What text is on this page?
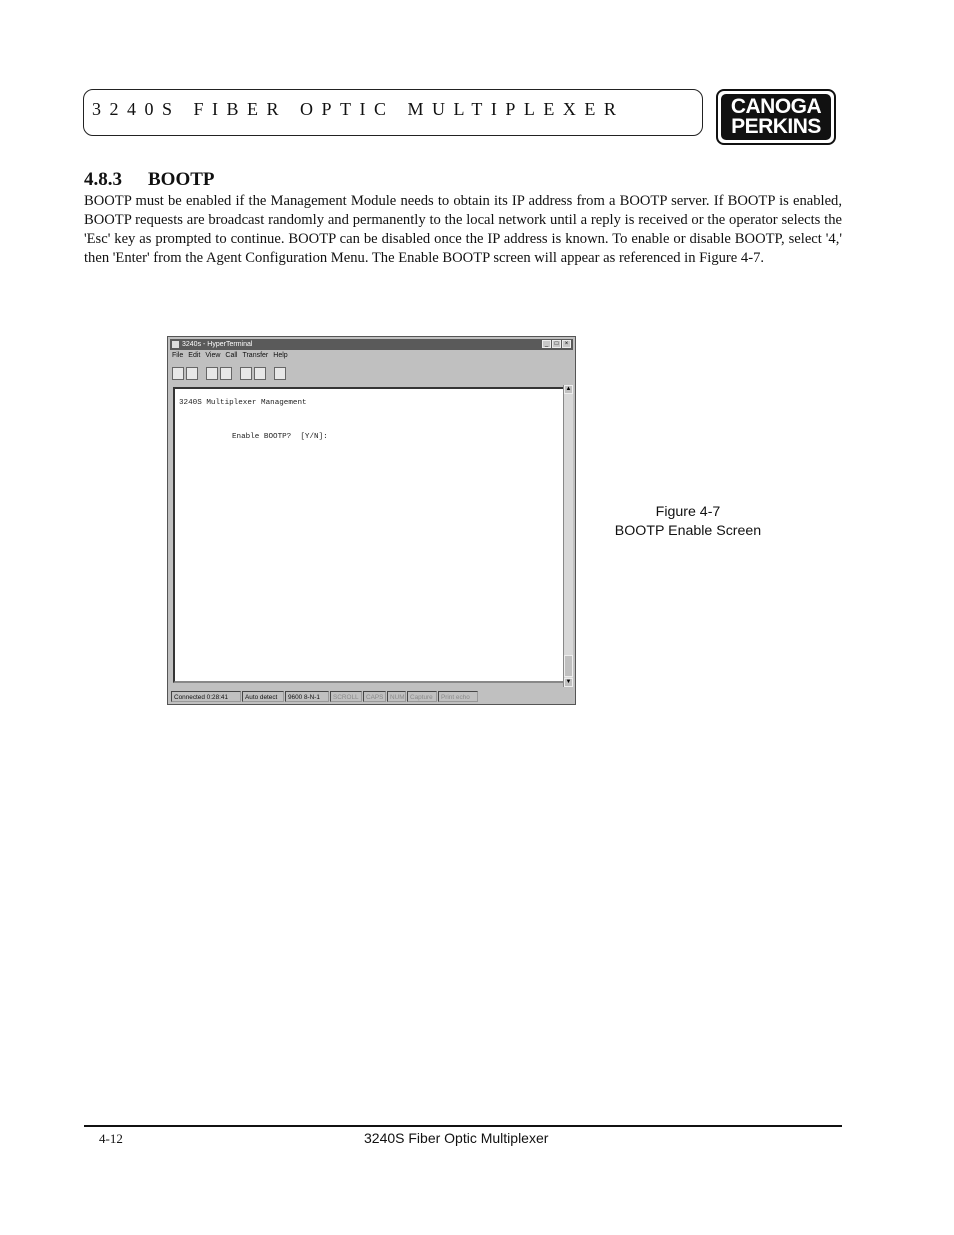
3240S FIBER OPTIC MULTIPLEXER	CANOGA
PERKINS
4.8.3 BOOTP
BOOTP must be enabled if the Management Module needs to obtain its IP address from a BOOTP server. If BOOTP is enabled, BOOTP requests are broadcast randomly and permanently to the local network until a reply is received or the operator selects the 'Esc' key as prompted to continue. BOOTP can be disabled once the IP address is known. To enable or disable BOOTP, select '4,' then 'Enter' from the Agent Configuration Menu. The Enable BOOTP screen will appear as referenced in Figure 4-7.
3240s - HyperTerminal	_	□	×
File Edit View Call Transfer Help
3240S Multiplexer Management
Enable BOOTP?  [Y/N]:
▲
▼
Connected 0:28:41	Auto detect	9600 8-N-1	SCROLL	CAPS	NUM Capture	Print echo
Figure 4-7
BOOTP Enable Screen
4-12	3240S Fiber Optic Multiplexer
